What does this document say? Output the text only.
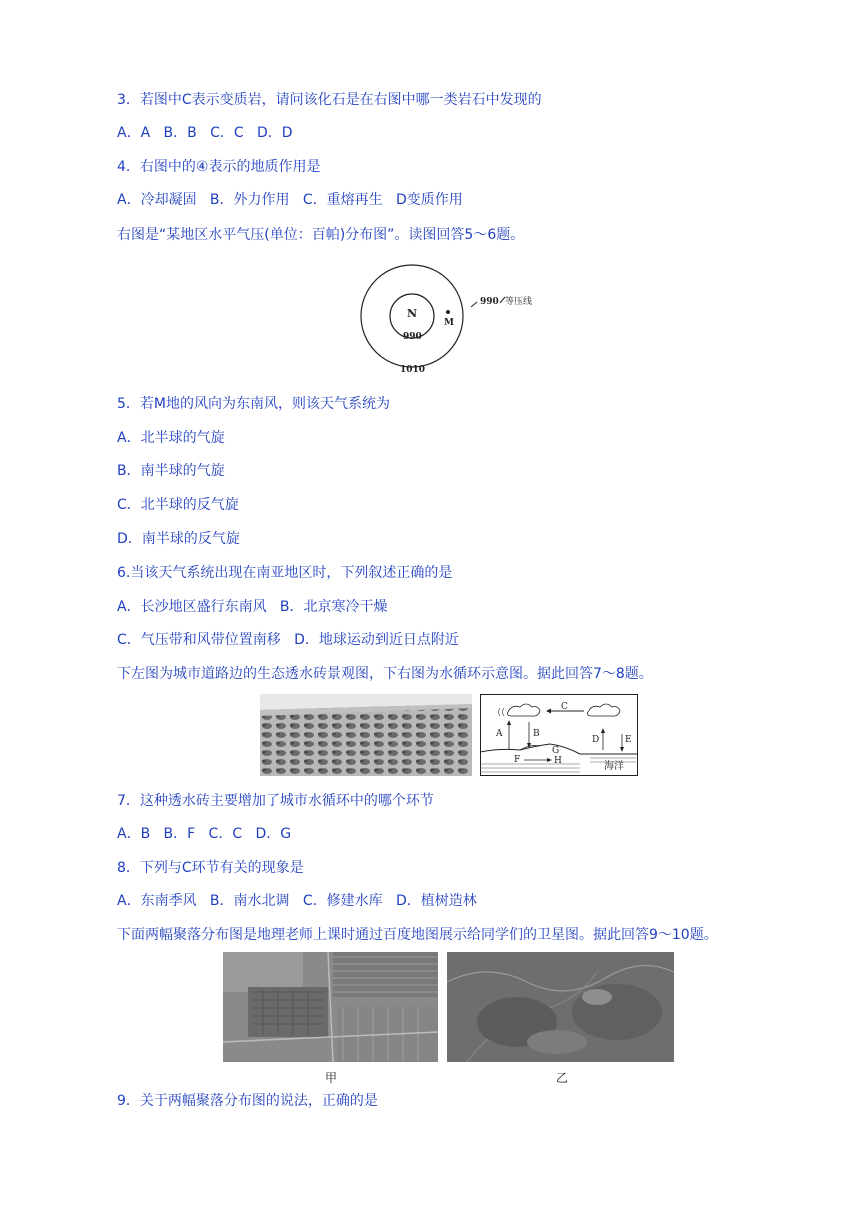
3．若图中C表示变质岩，请问该化石是在右图中哪一类岩石中发现的
A．A   B．B   C．C   D．D
4．右图中的④表示的地质作用是
A．冷却凝固   B．外力作用   C．重熔再生   D变质作用
右图是“某地区水平气压(单位：百帕)分布图”。读图回答5～6题。
N
M
990
1010
990 等压线
5．若M地的风向为东南风，则该天气系统为
A．北半球的气旋
B．南半球的气旋
C．北半球的反气旋
D．南半球的反气旋
6.当该天气系统出现在南亚地区时，下列叙述正确的是
A．长沙地区盛行东南风   B．北京寒冷干燥
C．气压带和风带位置南移   D．地球运动到近日点附近
下左图为城市道路边的生态透水砖景观图，下右图为水循环示意图。据此回答7～8题。
C
A	B
D	E
G
F	H	海洋
7．这种透水砖主要增加了城市水循环中的哪个环节
A．B   B．F   C．C   D．G
8．下列与C环节有关的现象是
A．东南季风   B．南水北调   C．修建水库   D．植树造林
下面两幅聚落分布图是地理老师上课时通过百度地图展示给同学们的卫星图。据此回答9～10题。
甲	乙
9．关于两幅聚落分布图的说法，正确的是
